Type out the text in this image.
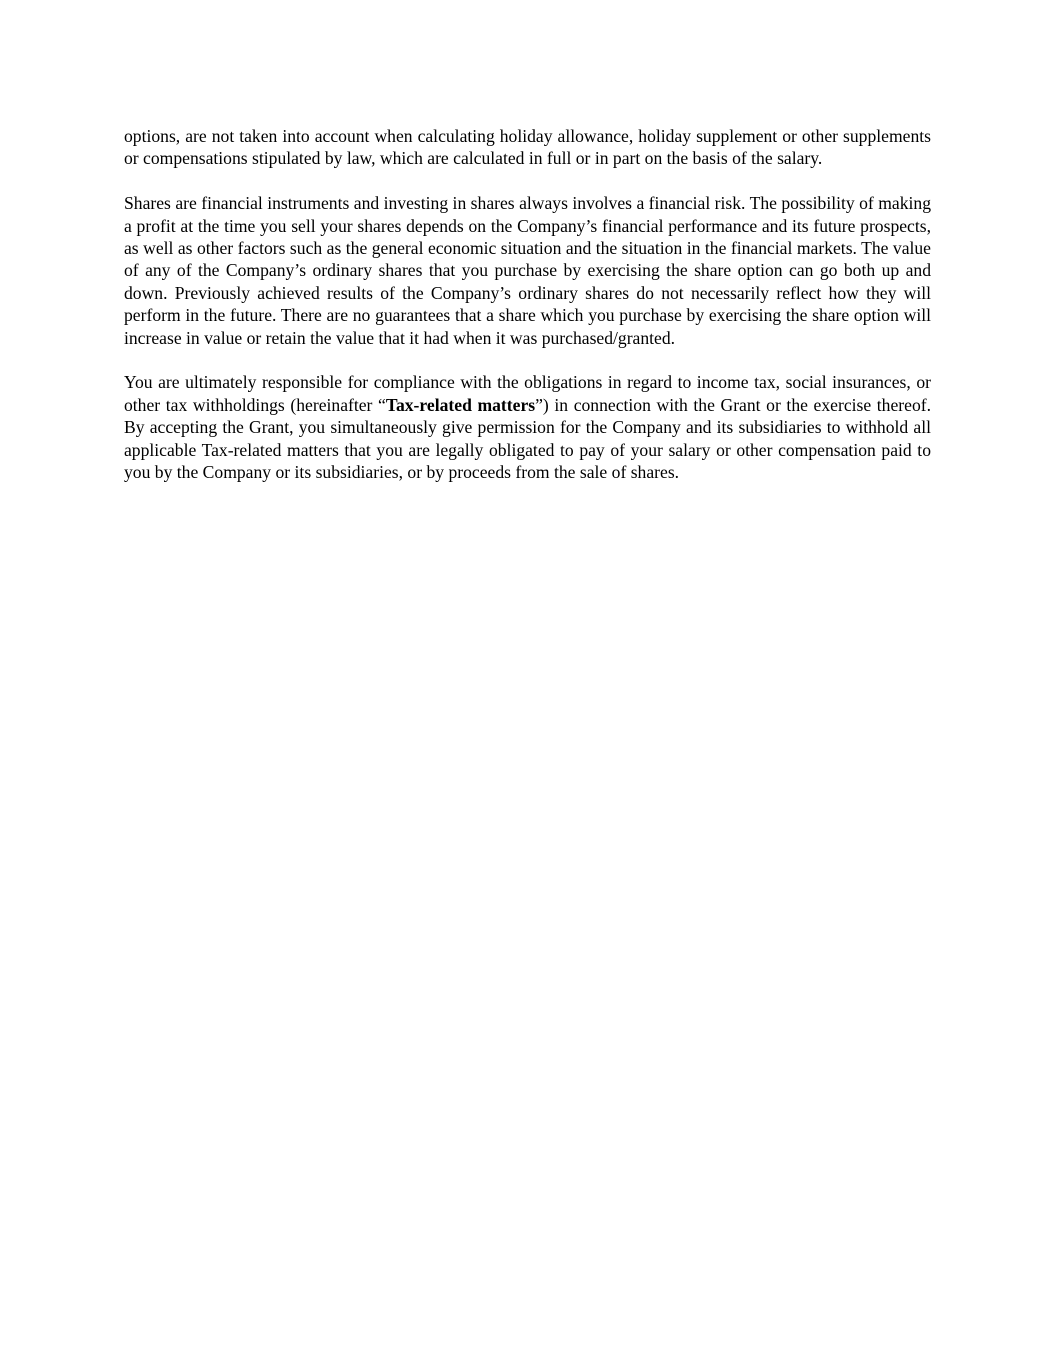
options, are not taken into account when calculating holiday allowance, holiday supplement or other supplements or compensations stipulated by law, which are calculated in full or in part on the basis of the salary.

Shares are financial instruments and investing in shares always involves a financial risk. The possibility of making a profit at the time you sell your shares depends on the Company’s financial performance and its future prospects, as well as other factors such as the general economic situation and the situation in the financial markets. The value of any of the Company’s ordinary shares that you purchase by exercising the share option can go both up and down. Previously achieved results of the Company’s ordinary shares do not necessarily reflect how they will perform in the future. There are no guarantees that a share which you purchase by exercising the share option will increase in value or retain the value that it had when it was purchased/granted.

You are ultimately responsible for compliance with the obligations in regard to income tax, social insurances, or other tax withholdings (hereinafter “Tax-related matters”) in connection with the Grant or the exercise thereof. By accepting the Grant, you simultaneously give permission for the Company and its subsidiaries to withhold all applicable Tax-related matters that you are legally obligated to pay of your salary or other compensation paid to you by the Company or its subsidiaries, or by proceeds from the sale of shares.
